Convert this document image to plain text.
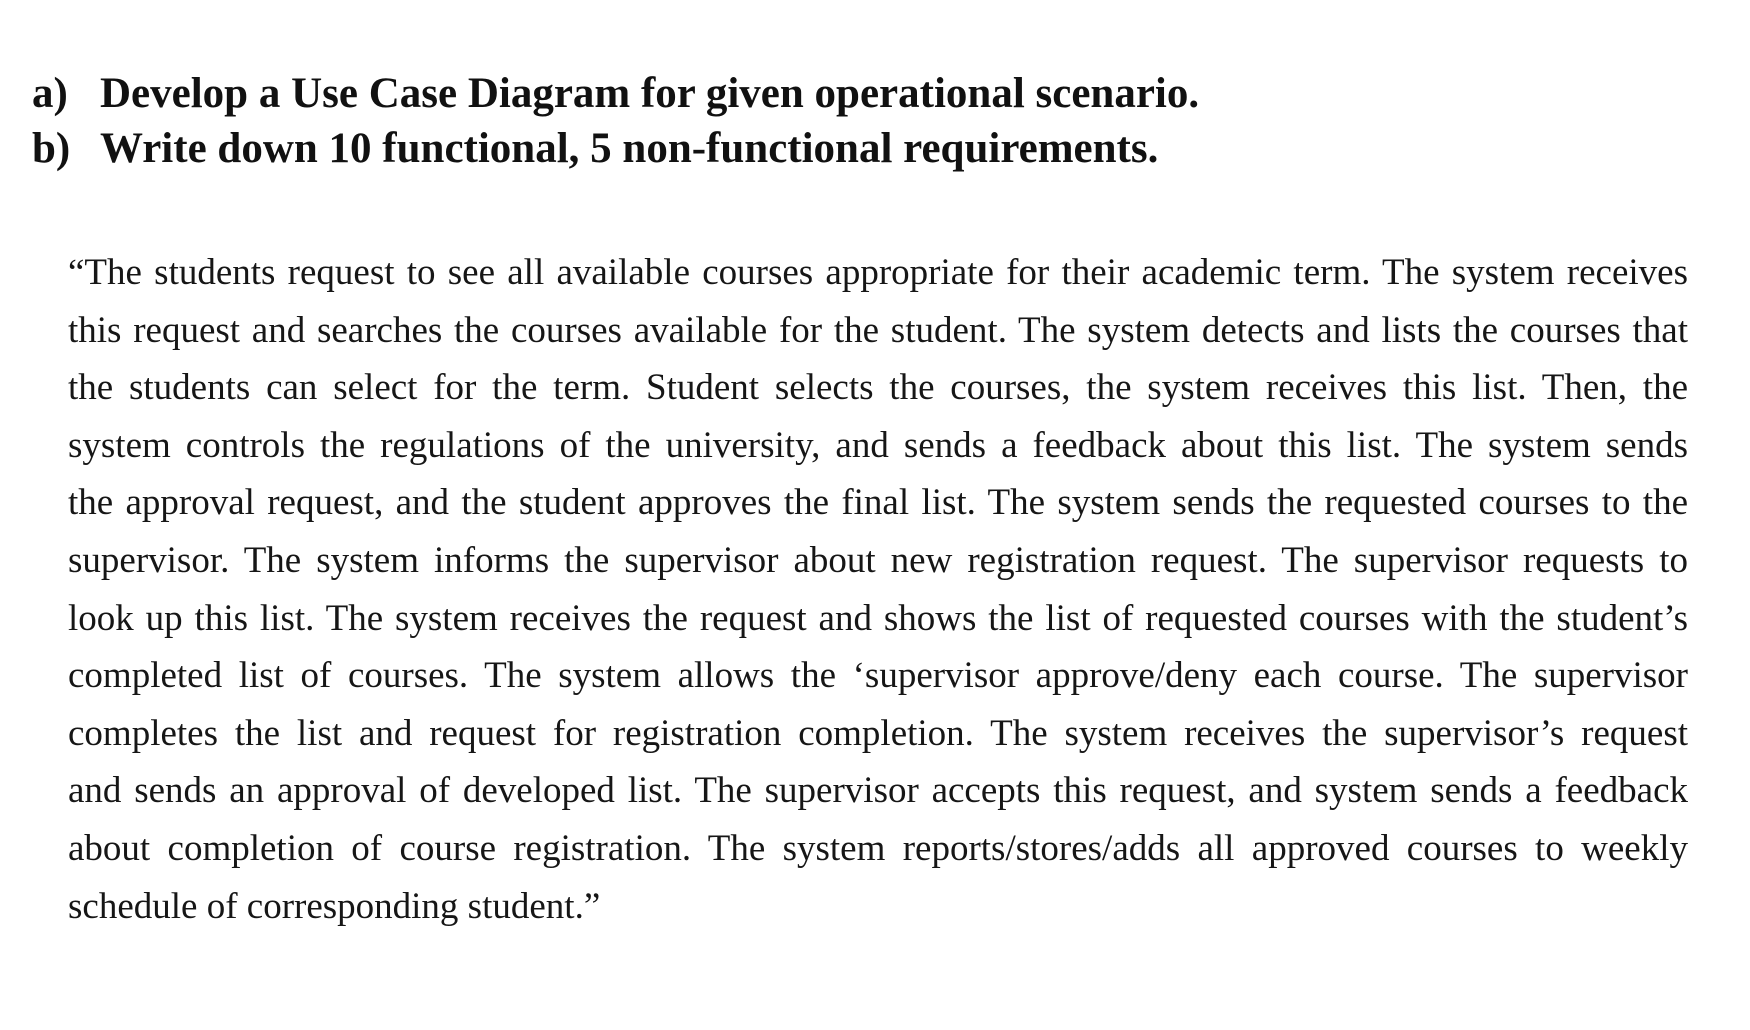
a) Develop a Use Case Diagram for given operational scenario.
b) Write down 10 functional, 5 non-functional requirements.
“The students request to see all available courses appropriate for their academic term. The system receives
this request and searches the courses available for the student. The system detects and lists the courses that
the students can select for the term. Student selects the courses, the system receives this list. Then, the
system controls the regulations of the university, and sends a feedback about this list. The system sends
the approval request, and the student approves the final list. The system sends the requested courses to the
supervisor. The system informs the supervisor about new registration request. The supervisor requests to
look up this list. The system receives the request and shows the list of requested courses with the student’s
completed list of courses. The system allows the ‘supervisor approve/deny each course. The supervisor
completes the list and request for registration completion. The system receives the supervisor’s request
and sends an approval of developed list. The supervisor accepts this request, and system sends a feedback
about completion of course registration. The system reports/stores/adds all approved courses to weekly
schedule of corresponding student.”
